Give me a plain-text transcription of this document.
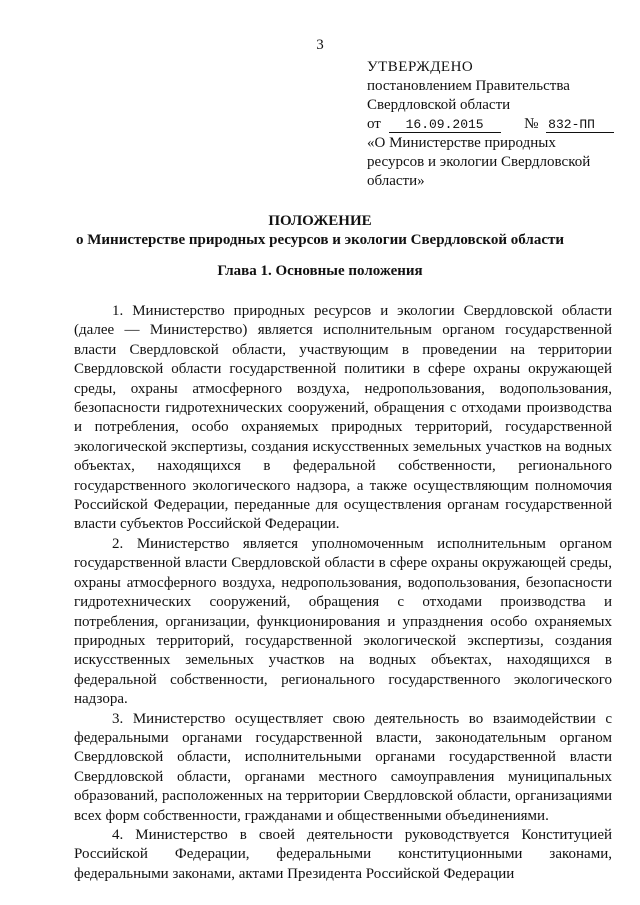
3
УТВЕРЖДЕНО
постановлением Правительства
Свердловской области
от 16.09.2015	№ 832-ПП
«О Министерстве природных
ресурсов и экологии Свердловской
области»
ПОЛОЖЕНИЕ
о Министерстве природных ресурсов и экологии Свердловской области
Глава 1. Основные положения

1. Министерство природных ресурсов и экологии Свердловской области (далее — Министерство) является исполнительным органом государственной власти Свердловской области, участвующим в проведении на территории Свердловской области государственной политики в сфере охраны окружающей среды, охраны атмосферного воздуха, недропользования, водопользования, безопасности гидротехнических сооружений, обращения с отходами производства и потребления, особо охраняемых природных территорий, государственной экологической экспертизы, создания искусственных земельных участков на водных объектах, находящихся в федеральной собственности, регионального государственного экологического надзора, а также осуществляющим полномочия Российской Федерации, переданные для осуществления органам государственной власти субъектов Российской Федерации.

2. Министерство является уполномоченным исполнительным органом государственной власти Свердловской области в сфере охраны окружающей среды, охраны атмосферного воздуха, недропользования, водопользования, безопасности гидротехнических сооружений, обращения с отходами производства и потребления, организации, функционирования и упразднения особо охраняемых природных территорий, государственной экологической экспертизы, создания искусственных земельных участков на водных объектах, находящихся в федеральной собственности, регионального государственного экологического надзора.

3. Министерство осуществляет свою деятельность во взаимодействии с федеральными органами государственной власти, законодательным органом Свердловской области, исполнительными органами государственной власти Свердловской области, органами местного самоуправления муниципальных образований, расположенных на территории Свердловской области, организациями всех форм собственности, гражданами и общественными объединениями.

4. Министерство в своей деятельности руководствуется Конституцией Российской Федерации, федеральными конституционными законами, федеральными законами, актами Президента Российской Федерации
